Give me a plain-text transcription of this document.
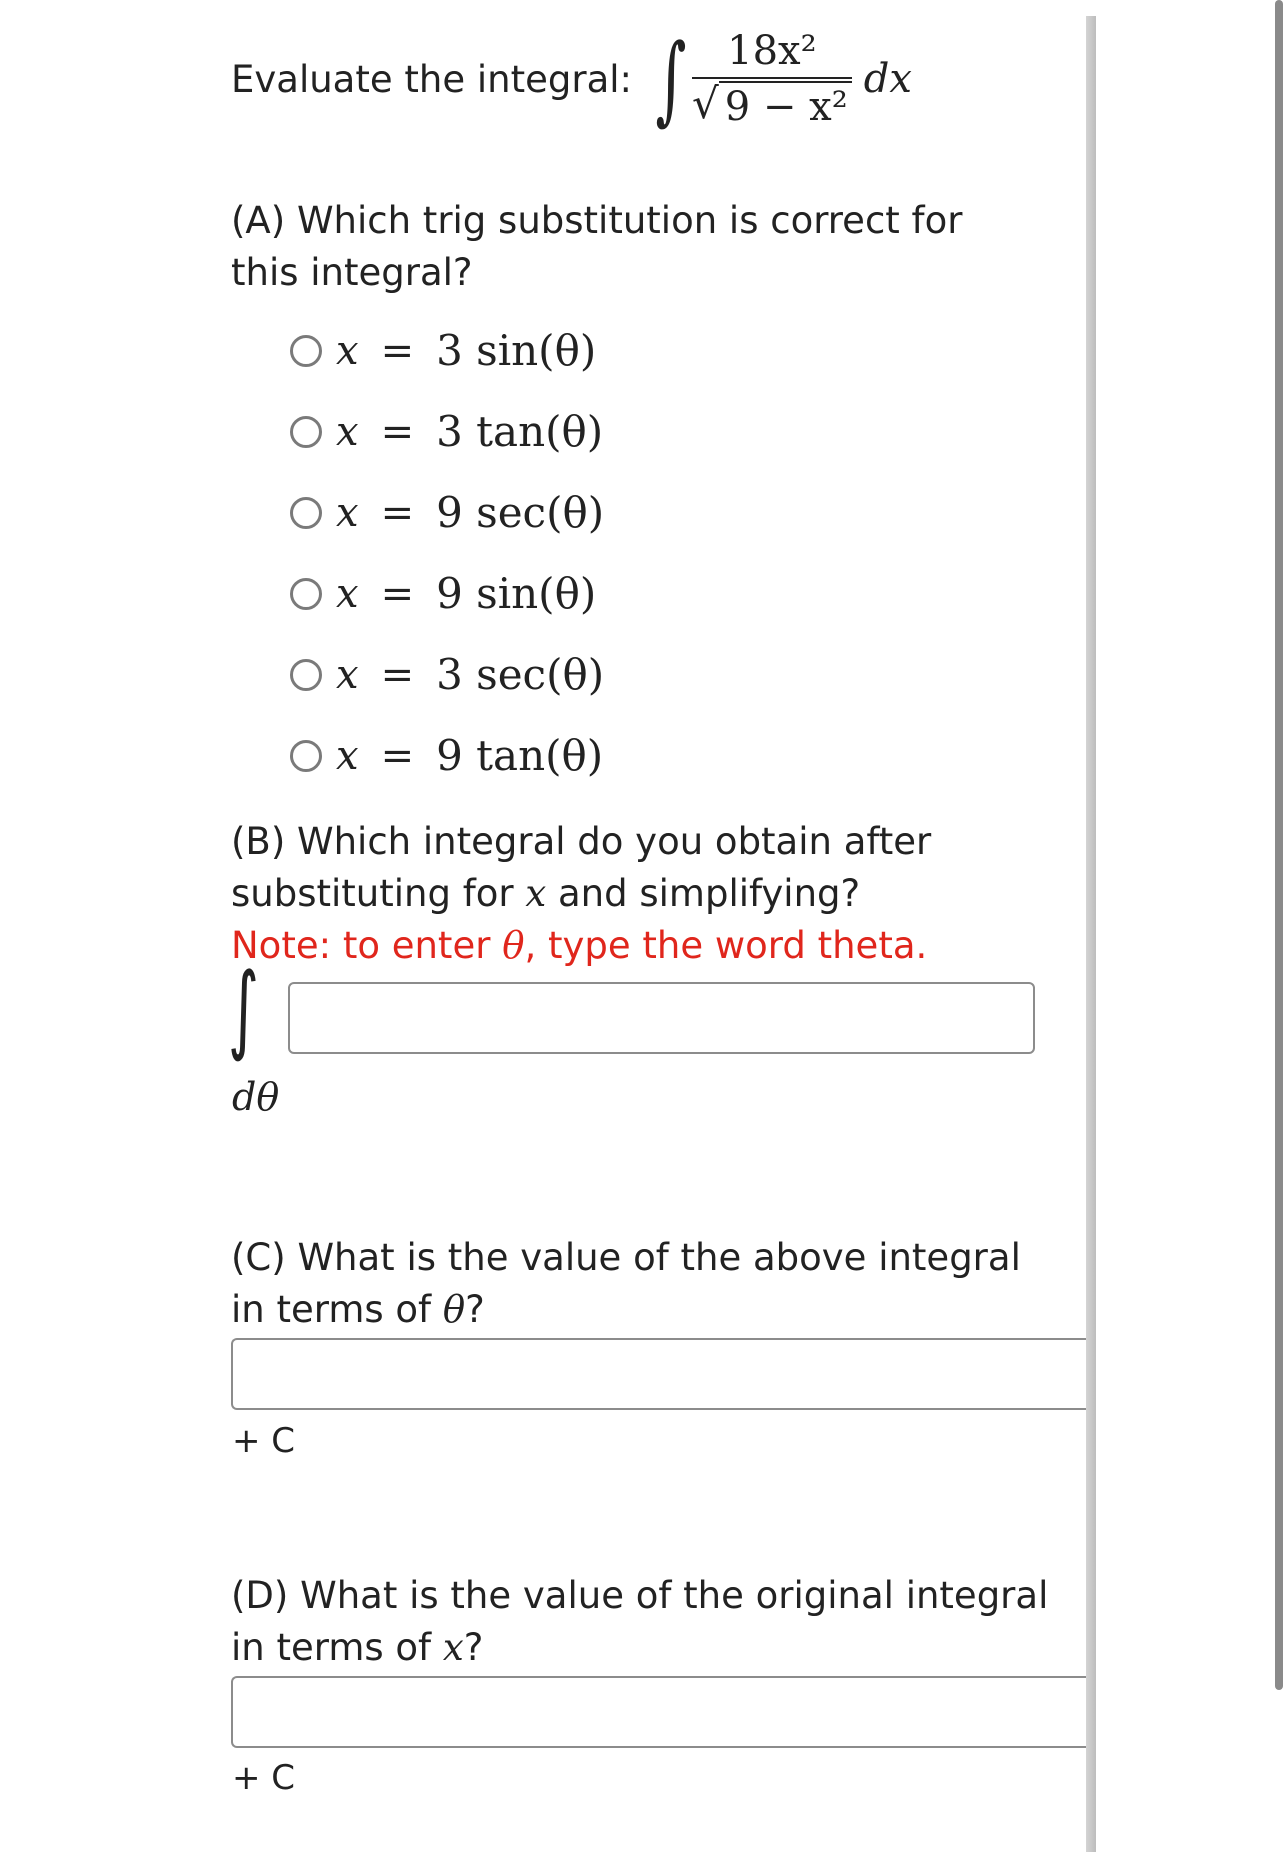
Evaluate the integral: ∫ $\frac{\text{18x²}}{\text{√ 9 − x²}}$ dx

(A) Which trig substitution is correct for this integral?

x = 3 sin(θ)
x = 3 tan(θ)
x = 9 sec(θ)
x = 9 sin(θ)
x = 3 sec(θ)
x = 9 tan(θ)

(B) Which integral do you obtain after substituting for x and simplifying?
Note: to enter θ, type the word theta.

∫
dθ

(C) What is the value of the above integral in terms of θ?

+ C

(D) What is the value of the original integral in terms of x?

+ C
